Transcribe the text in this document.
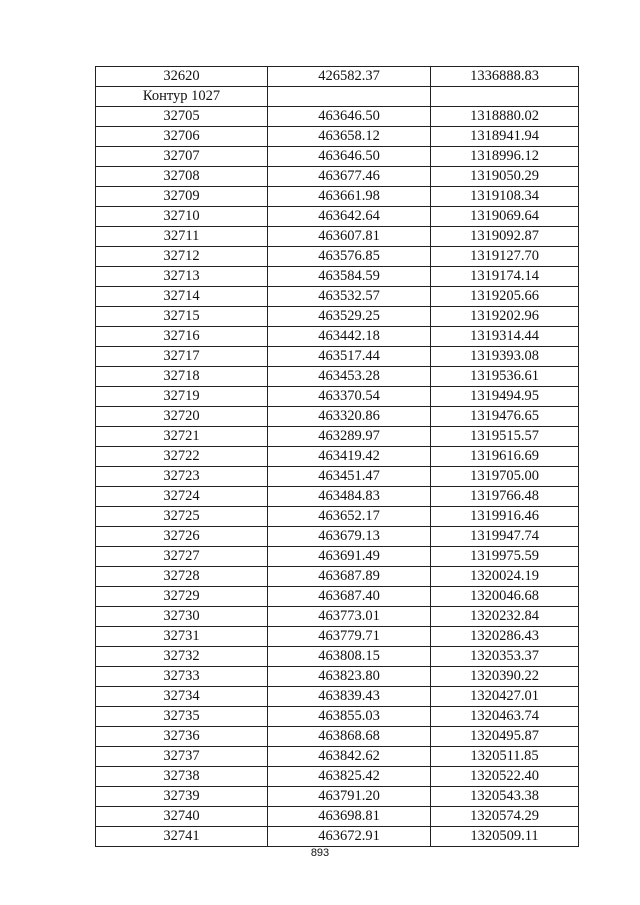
32620	426582.37	1336888.83
Контур 1027		
32705	463646.50	1318880.02
32706	463658.12	1318941.94
32707	463646.50	1318996.12
32708	463677.46	1319050.29
32709	463661.98	1319108.34
32710	463642.64	1319069.64
32711	463607.81	1319092.87
32712	463576.85	1319127.70
32713	463584.59	1319174.14
32714	463532.57	1319205.66
32715	463529.25	1319202.96
32716	463442.18	1319314.44
32717	463517.44	1319393.08
32718	463453.28	1319536.61
32719	463370.54	1319494.95
32720	463320.86	1319476.65
32721	463289.97	1319515.57
32722	463419.42	1319616.69
32723	463451.47	1319705.00
32724	463484.83	1319766.48
32725	463652.17	1319916.46
32726	463679.13	1319947.74
32727	463691.49	1319975.59
32728	463687.89	1320024.19
32729	463687.40	1320046.68
32730	463773.01	1320232.84
32731	463779.71	1320286.43
32732	463808.15	1320353.37
32733	463823.80	1320390.22
32734	463839.43	1320427.01
32735	463855.03	1320463.74
32736	463868.68	1320495.87
32737	463842.62	1320511.85
32738	463825.42	1320522.40
32739	463791.20	1320543.38
32740	463698.81	1320574.29
32741	463672.91	1320509.11
893
